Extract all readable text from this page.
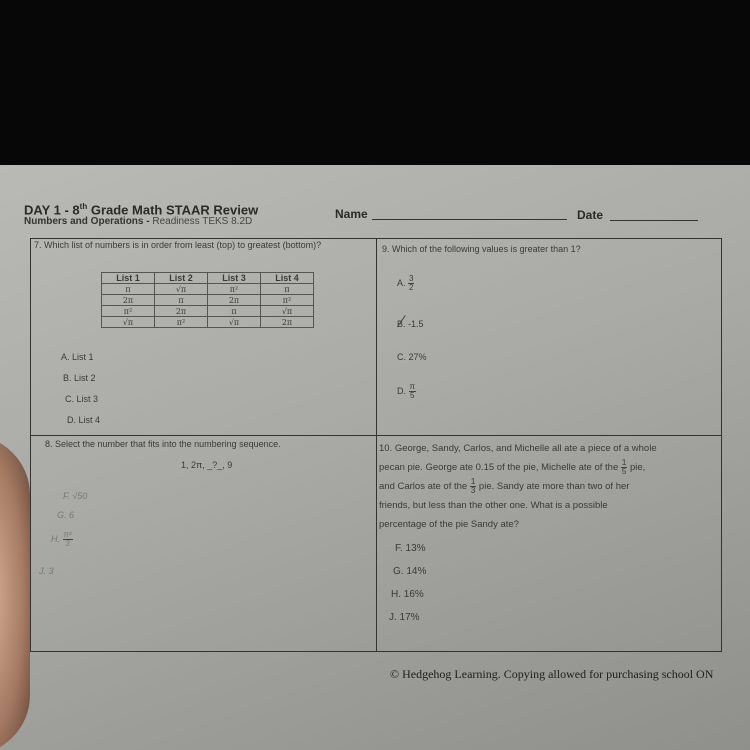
DAY 1 - 8th Grade Math STAAR Review
Numbers and Operations - Readiness TEKS 8.2D
Name	Date
7. Which list of numbers is in order from least (top) to greatest (bottom)?
List 1	List 2	List 3	List 4
π	√π	π²	π
2π	π	2π	π²
π²	2π	π	√π
√π	π²	√π	2π
A. List 1
B. List 2
C. List 3
D. List 4
9. Which of the following values is greater than 1?
A. $\frac{3}{2}$
B. -1.5
C. 27%
D. $\frac{\pi}{5}$
8. Select the number that fits into the numbering sequence.
1, 2π, _?_, 9
F. √50
G. 6
H. $\frac{\text{π²}}{3}$
J. 3
10. George, Sandy, Carlos, and Michelle all ate a piece of a whole
pecan pie. George ate 0.15 of the pie, Michelle ate of the $\frac{1}{5}$ pie,
and Carlos ate of the $\frac{1}{3}$ pie. Sandy ate more than two of her
friends, but less than the other one. What is a possible
percentage of the pie Sandy ate?
F. 13%
G. 14%
H. 16%
J. 17%
© Hedgehog Learning. Copying allowed for purchasing school ON
